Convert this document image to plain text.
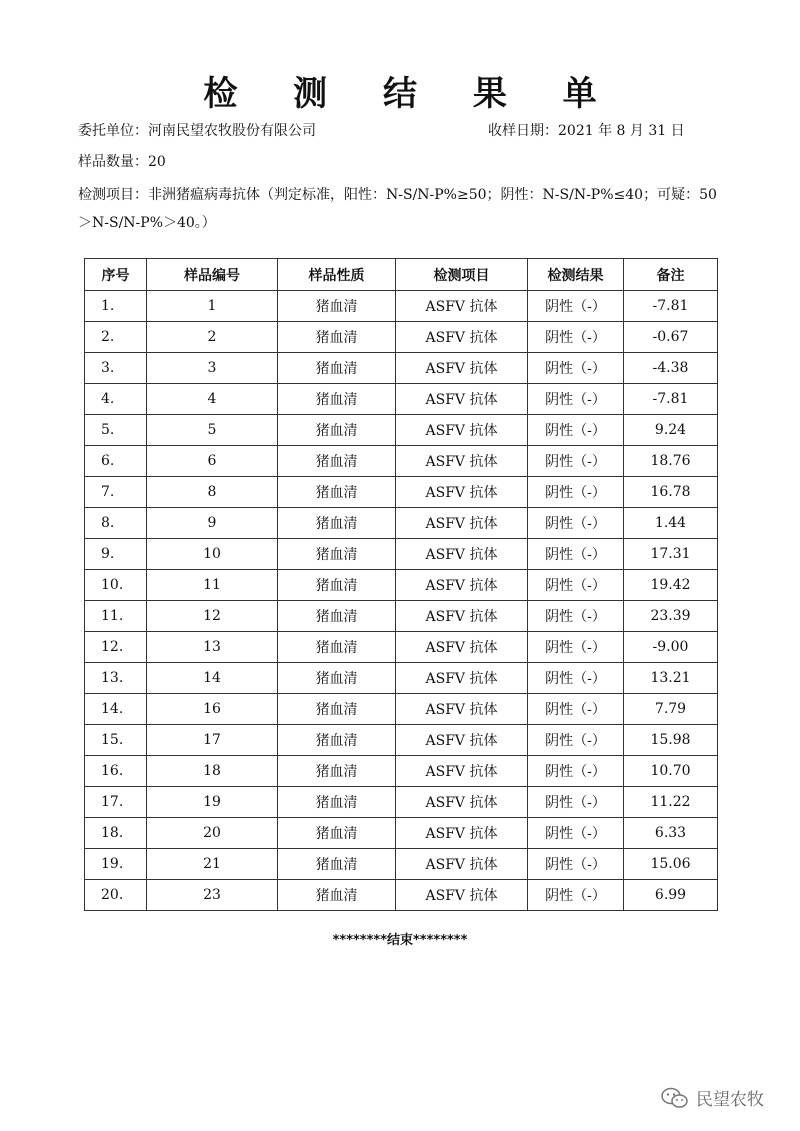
检 测 结 果 单
委托单位：河南民望农牧股份有限公司	收样日期：2021 年 8 月 31 日
样品数量：20
检测项目：非洲猪瘟病毒抗体（判定标准，阳性：N-S/N-P%≥50；阴性：N-S/N-P%≤40；可疑：50＞N-S/N-P%＞40。）
序号	样品编号	样品性质	检测项目	检测结果	备注
1.	1	猪血清	ASFV 抗体	阴性（-）	-7.81
2.	2	猪血清	ASFV 抗体	阴性（-）	-0.67
3.	3	猪血清	ASFV 抗体	阴性（-）	-4.38
4.	4	猪血清	ASFV 抗体	阴性（-）	-7.81
5.	5	猪血清	ASFV 抗体	阴性（-）	9.24
6.	6	猪血清	ASFV 抗体	阴性（-）	18.76
7.	8	猪血清	ASFV 抗体	阴性（-）	16.78
8.	9	猪血清	ASFV 抗体	阴性（-）	1.44
9.	10	猪血清	ASFV 抗体	阴性（-）	17.31
10.	11	猪血清	ASFV 抗体	阴性（-）	19.42
11.	12	猪血清	ASFV 抗体	阴性（-）	23.39
12.	13	猪血清	ASFV 抗体	阴性（-）	-9.00
13.	14	猪血清	ASFV 抗体	阴性（-）	13.21
14.	16	猪血清	ASFV 抗体	阴性（-）	7.79
15.	17	猪血清	ASFV 抗体	阴性（-）	15.98
16.	18	猪血清	ASFV 抗体	阴性（-）	10.70
17.	19	猪血清	ASFV 抗体	阴性（-）	11.22
18.	20	猪血清	ASFV 抗体	阴性（-）	6.33
19.	21	猪血清	ASFV 抗体	阴性（-）	15.06
20.	23	猪血清	ASFV 抗体	阴性（-）	6.99
********结束********
民望农牧
